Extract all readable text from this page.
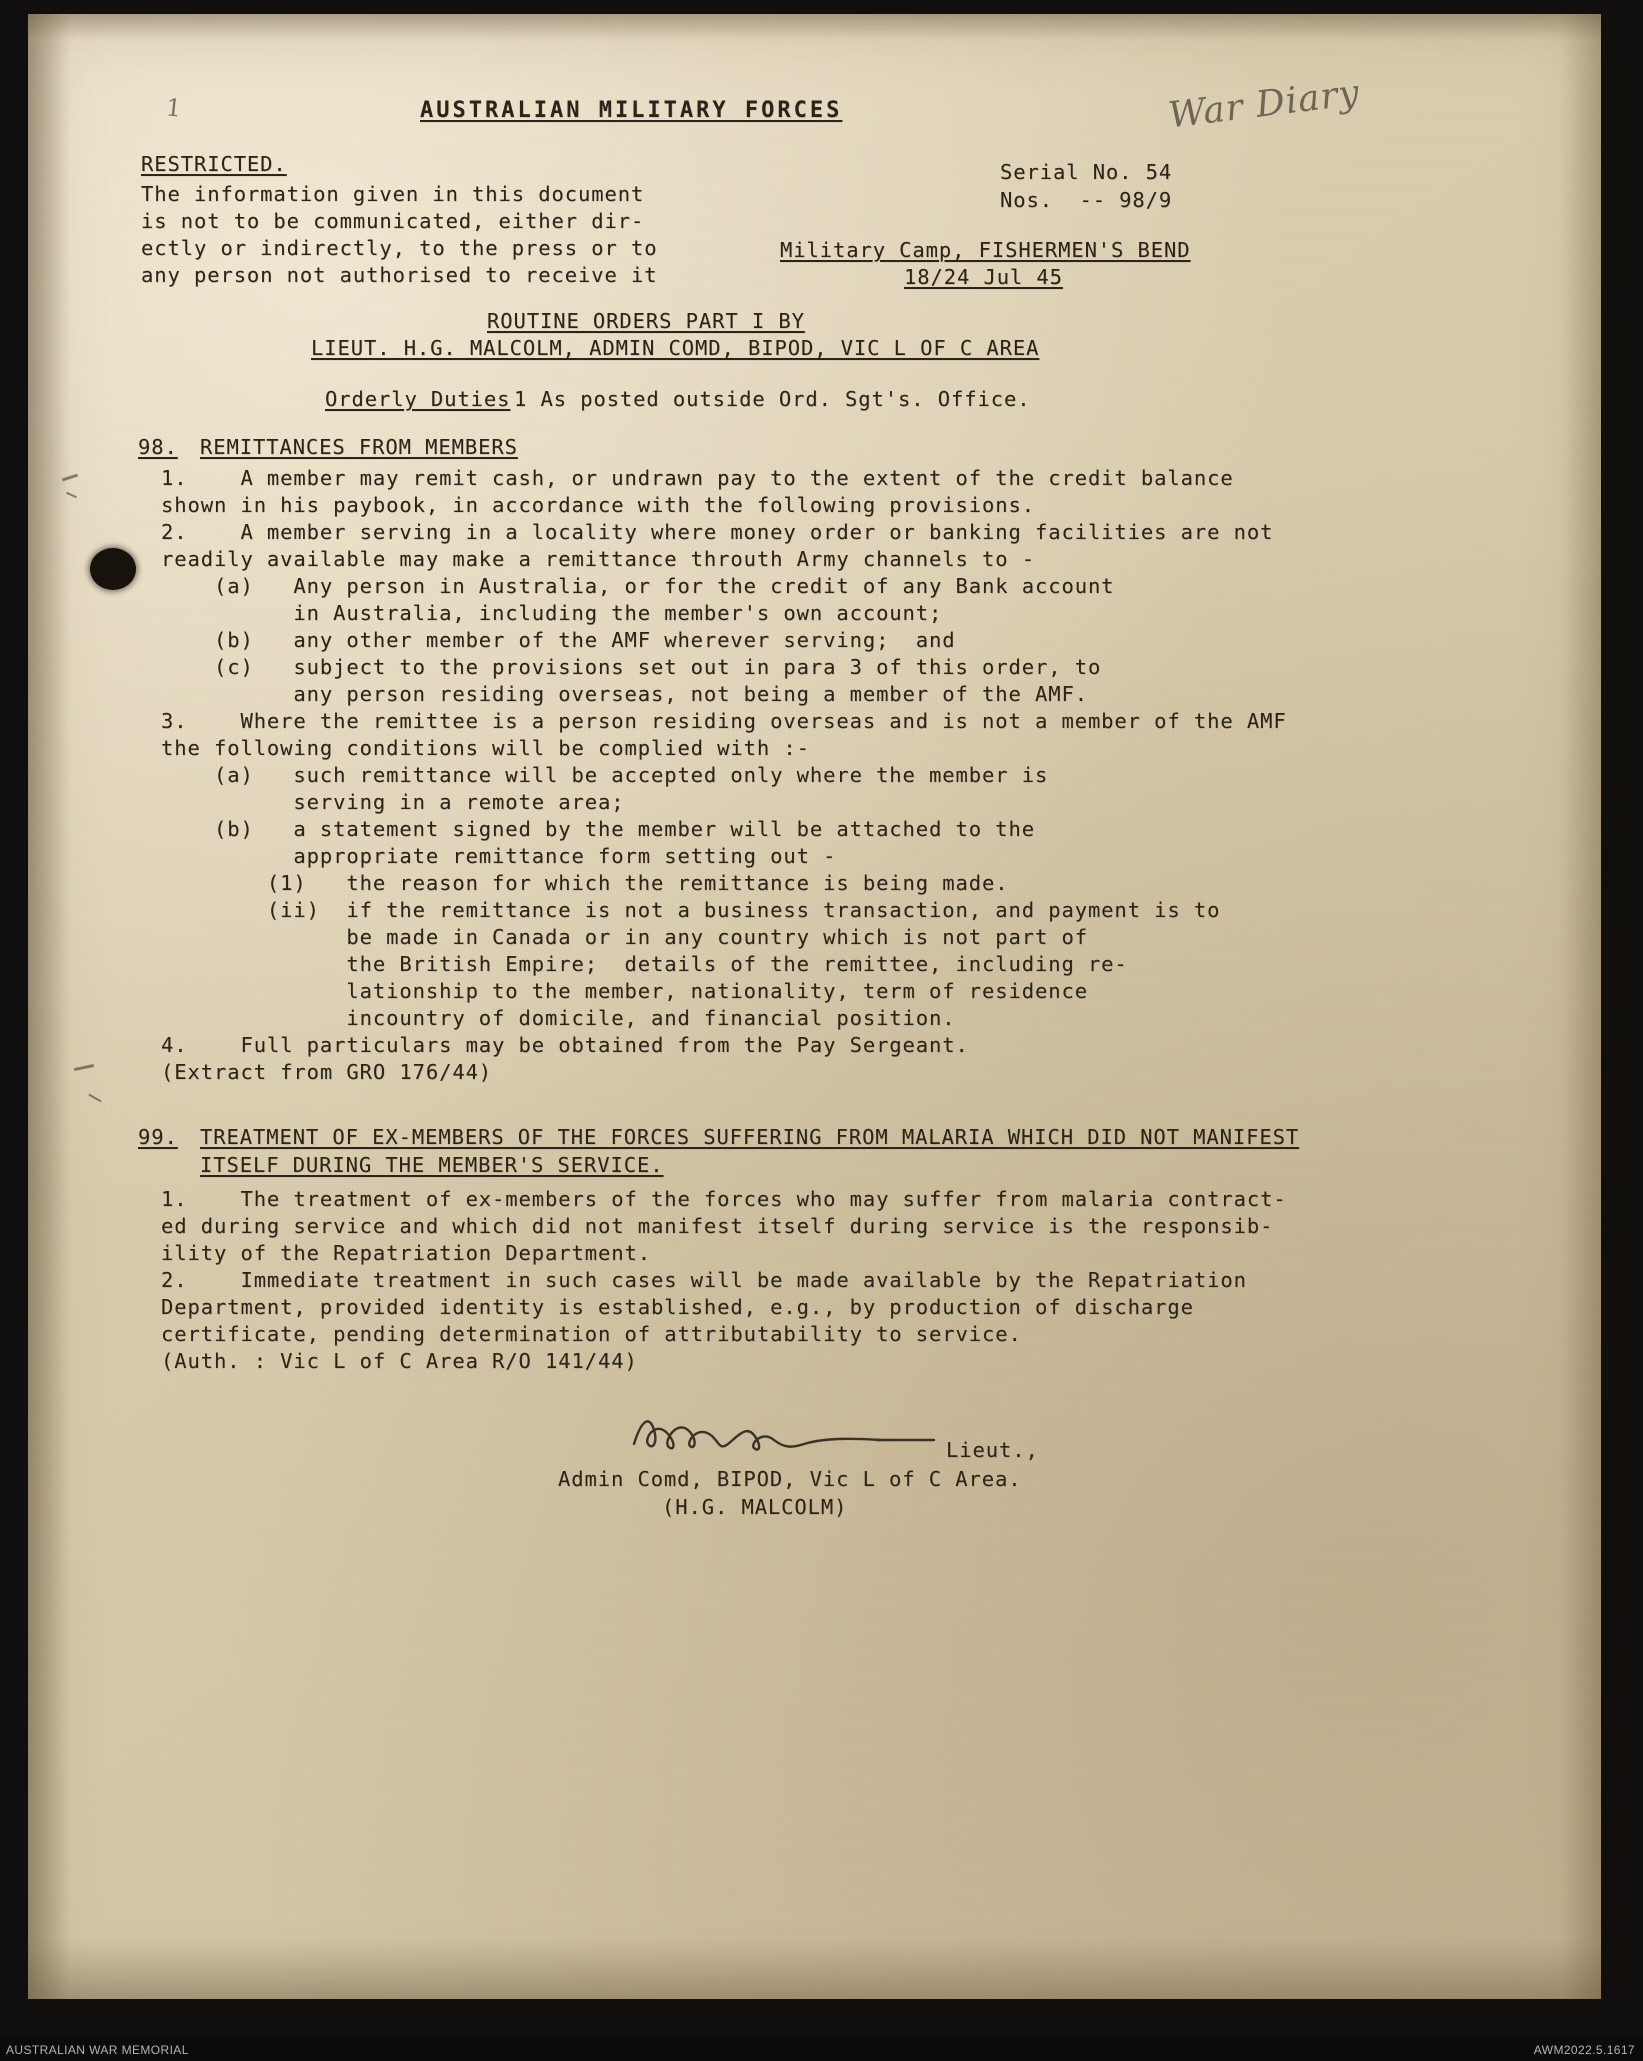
1	War Diary
AUSTRALIAN MILITARY FORCES
RESTRICTED.
The information given in this document
is not to be communicated, either dir-
ectly or indirectly, to the press or to
any person not authorised to receive it
Serial No. 54
Nos.  -- 98/9
Military Camp, FISHERMEN'S BEND
18/24 Jul 45
ROUTINE ORDERS PART I BY
LIEUT. H.G. MALCOLM, ADMIN COMD, BIPOD, VIC L OF C AREA
Orderly Duties 1 As posted outside Ord. Sgt's. Office.
98. REMITTANCES FROM MEMBERS
1.    A member may remit cash, or undrawn pay to the extent of the credit balance
shown in his paybook, in accordance with the following provisions.
2.    A member serving in a locality where money order or banking facilities are not
readily available may make a remittance throuth Army channels to -
(a)   Any person in Australia, or for the credit of any Bank account
in Australia, including the member's own account;
(b)   any other member of the AMF wherever serving;  and
(c)   subject to the provisions set out in para 3 of this order, to
any person residing overseas, not being a member of the AMF.
3.    Where the remittee is a person residing overseas and is not a member of the AMF
the following conditions will be complied with :-
(a)   such remittance will be accepted only where the member is
serving in a remote area;
(b)   a statement signed by the member will be attached to the
appropriate remittance form setting out -
(1)   the reason for which the remittance is being made.
(ii)  if the remittance is not a business transaction, and payment is to
be made in Canada or in any country which is not part of
the British Empire;  details of the remittee, including re-
lationship to the member, nationality, term of residence
incountry of domicile, and financial position.
4.    Full particulars may be obtained from the Pay Sergeant.
(Extract from GRO 176/44)
99. TREATMENT OF EX-MEMBERS OF THE FORCES SUFFERING FROM MALARIA WHICH DID NOT MANIFEST
ITSELF DURING THE MEMBER'S SERVICE.
1.    The treatment of ex-members of the forces who may suffer from malaria contract-
ed during service and which did not manifest itself during service is the responsib-
ility of the Repatriation Department.
2.    Immediate treatment in such cases will be made available by the Repatriation
Department, provided identity is established, e.g., by production of discharge
certificate, pending determination of attributability to service.
(Auth. : Vic L of C Area R/O 141/44)
Lieut.,
Admin Comd, BIPOD, Vic L of C Area.
(H.G. MALCOLM)
AUSTRALIAN WAR MEMORIAL	AWM2022.5.1617
